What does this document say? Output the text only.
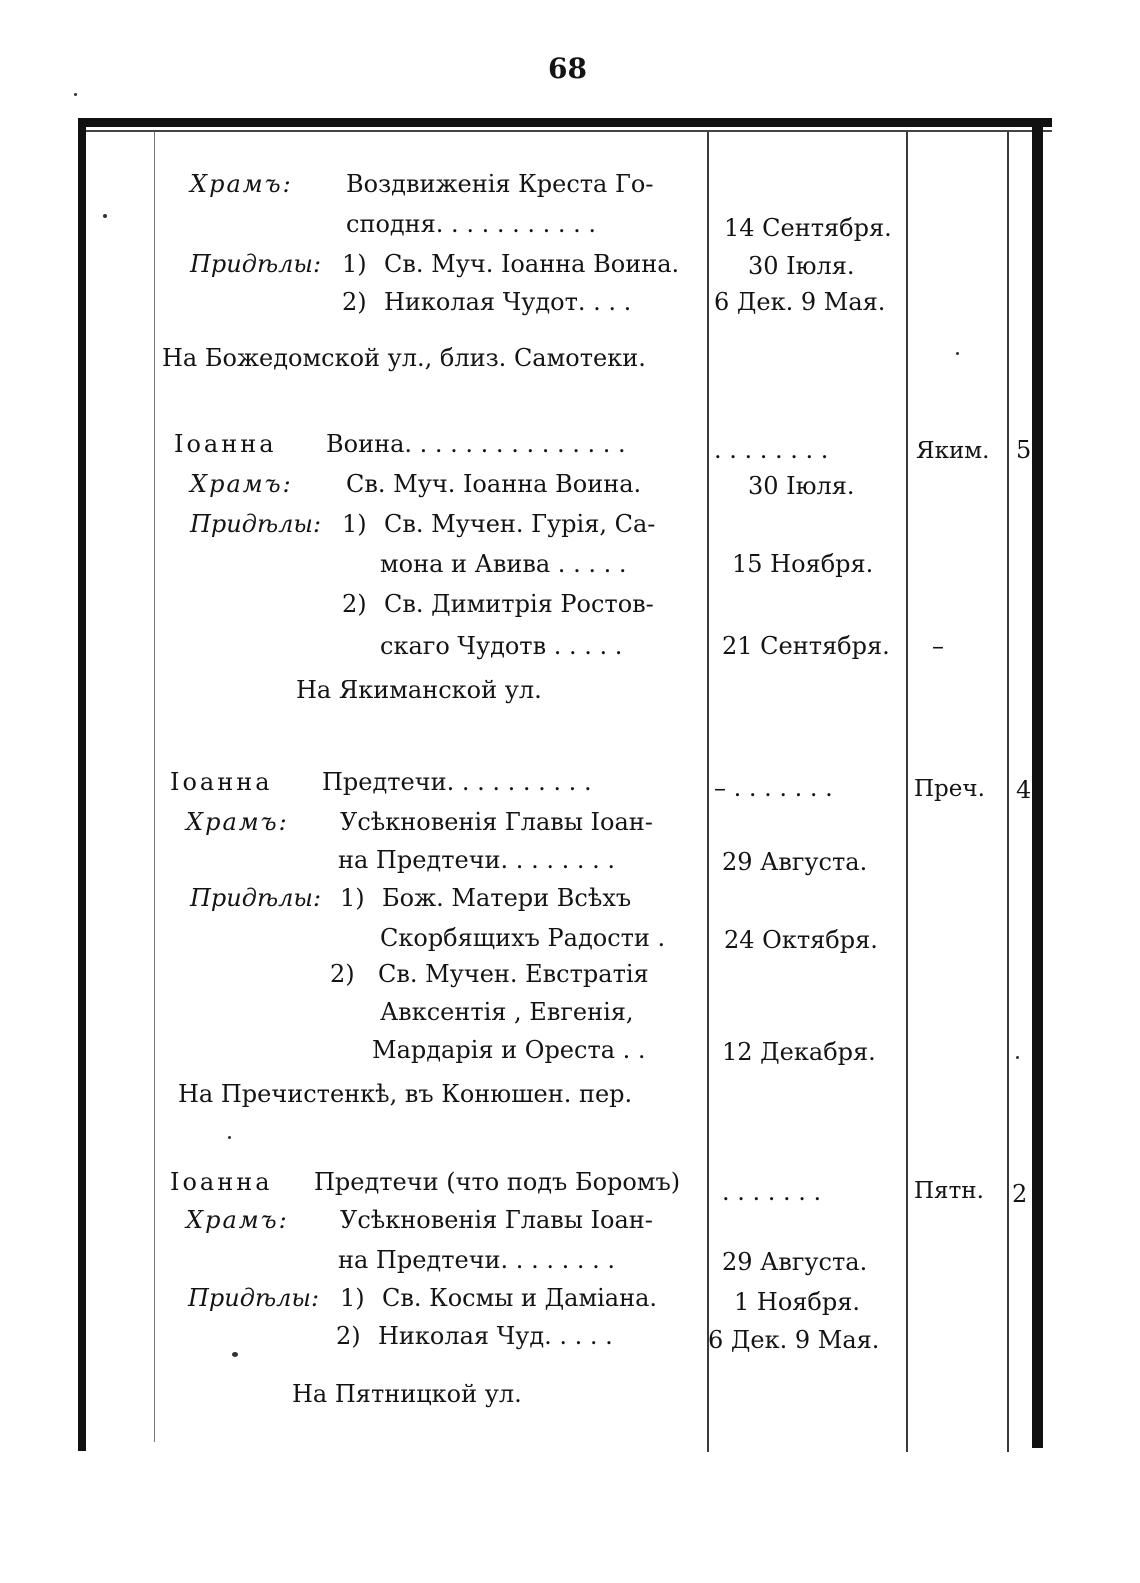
68
Храмъ: Воздвиженія Креста Го-
сподня. . . . . . . . . . .	14 Сентября.
Придѣлы: 1) Св. Муч. Іоанна Воина.	30 Іюля.
2) Николая Чудот. . . .	6 Дек. 9 Мая.
На Божедомской ул., близ. Самотеки.
Іоанна Воина. . . . . . . . . . . . . . .	. . . . . . . .	Яким. 5
Храмъ: Св. Муч. Іоанна Воина.	30 Іюля.
Придѣлы: 1) Св. Мучен. Гурія, Са-
мона и Авива . . . . .	15 Ноября.
2) Св. Димитрія Ростов-
скаго Чудотв . . . . .	21 Сентября. –
На Якиманской ул.
Іоанна Предтечи. . . . . . . . . .	– . . . . . . .	Преч. 4
Храмъ: Усѣкновенія Главы Іоан-
на Предтечи. . . . . . . .	29 Августа.
Придѣлы: 1) Бож. Матери Всѣхъ
Скорбящихъ Радости . 24 Октября.
2) Св. Мучен. Евстратія
Авксентія , Евгенія,
Мардарія и Ореста . .	12 Декабря.
На Пречистенкѣ, въ Конюшен. пер.
Іоанна Предтечи (что подъ Боромъ) . . . . . . .	Пятн. 2
Храмъ: Усѣкновенія Главы Іоан-
на Предтечи. . . . . . . .	29 Августа.
Придѣлы: 1) Св. Космы и Даміана.	1 Ноября.
2) Николая Чуд. . . . .	6 Дек. 9 Мая.
На Пятницкой ул.
